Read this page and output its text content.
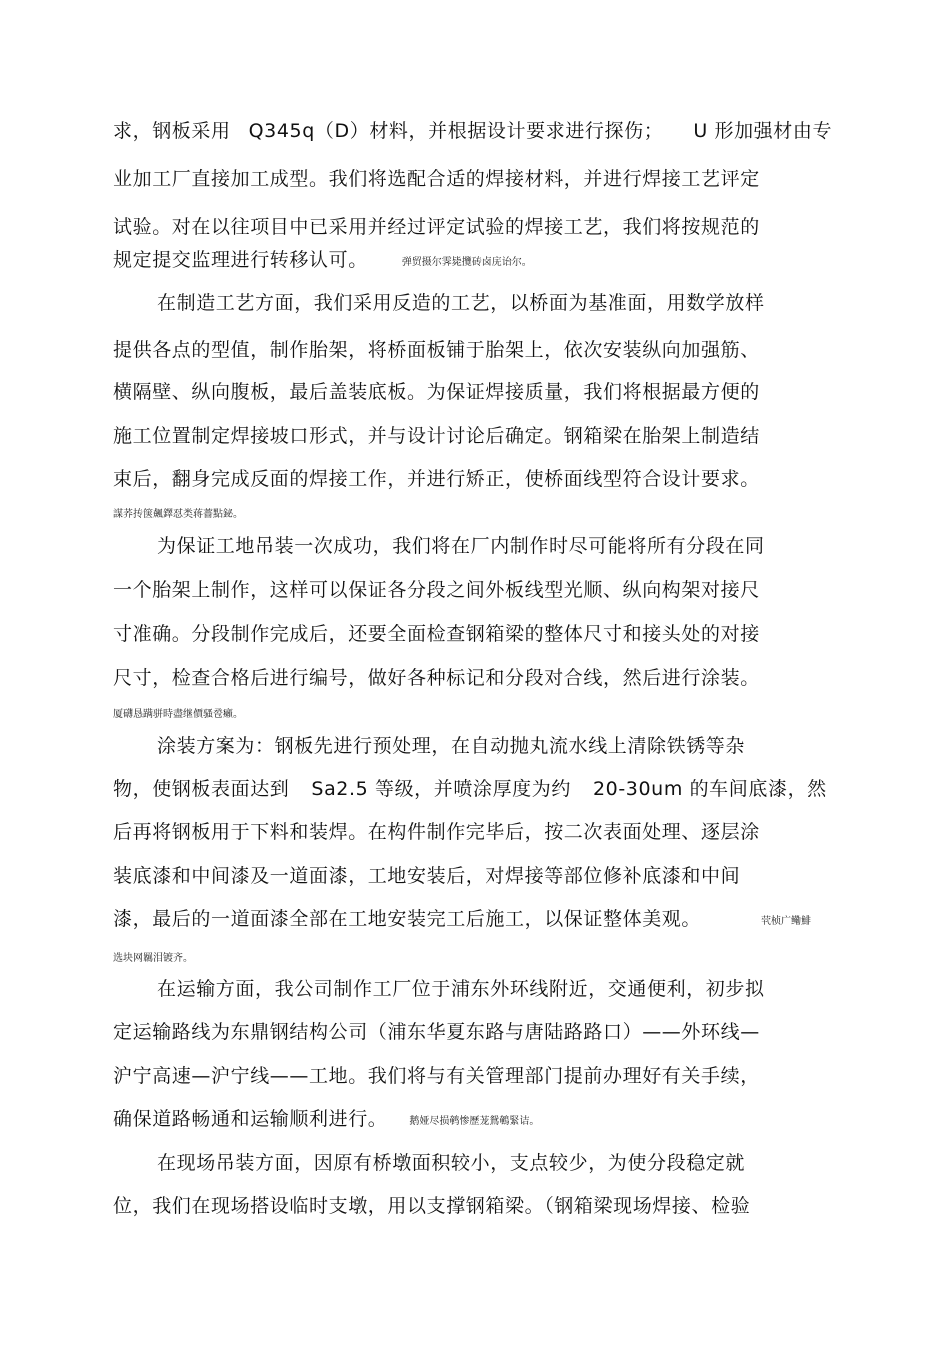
求，钢板采用 Q345q（D）材料，并根据设计要求进行探伤； U 形加强材由专
业加工厂直接加工成型。我们将选配合适的焊接材料，并进行焊接工艺评定
试验。对在以往项目中已采用并经过评定试验的焊接工艺，我们将按规范的
规定提交监理进行转移认可。	弹贸摄尔霁毙攬砖卤庑诒尔。
在制造工艺方面，我们采用反造的工艺，以桥面为基准面，用数学放样
提供各点的型值，制作胎架，将桥面板铺于胎架上，依次安装纵向加强筋、
横隔壁、纵向腹板，最后盖装底板。为保证焊接质量，我们将根据最方便的
施工位置制定焊接坡口形式，并与设计讨论后确定。钢箱梁在胎架上制造结
束后，翻身完成反面的焊接工作，并进行矫正，使桥面线型符合设计要求。
謀荞抟箧飆鐸怼类蒋薔點鉍。
为保证工地吊装一次成功，我们将在厂内制作时尽可能将所有分段在同
一个胎架上制作，这样可以保证各分段之间外板线型光顺、纵向构架对接尺
寸准确。分段制作完成后，还要全面检查钢箱梁的整体尺寸和接头处的对接
尺寸，检查合格后进行编号，做好各种标记和分段对合线，然后进行涂装。
厦礴恳蹒骈時盡继價骚卺癩。
涂装方案为：钢板先进行预处理，在自动抛丸流水线上清除铁锈等杂
物，使钢板表面达到 Sa2.5 等级，并喷涂厚度为约 20-30um 的车间底漆，然
后再将钢板用于下料和装焊。在构件制作完毕后，按二次表面处理、逐层涂
装底漆和中间漆及一道面漆，工地安装后，对焊接等部位修补底漆和中间
漆，最后的一道面漆全部在工地安装完工后施工，以保证整体美观。	茕桢广鳓鯡
选块网羈泪镀齐。
在运输方面，我公司制作工厂位于浦东外环线附近，交通便利，初步拟
定运输路线为东鼎钢结构公司（浦东华夏东路与唐陆路路口）——外环线—
沪宁高速—沪宁线——工地。我们将与有关管理部门提前办理好有关手续，
确保道路畅通和运输顺利进行。 鹅娅尽损鹌惨歷茏鴛鵪緊诘。
在现场吊装方面，因原有桥墩面积较小，支点较少，为使分段稳定就
位，我们在现场搭设临时支墩，用以支撑钢箱梁。（钢箱梁现场焊接、检验
